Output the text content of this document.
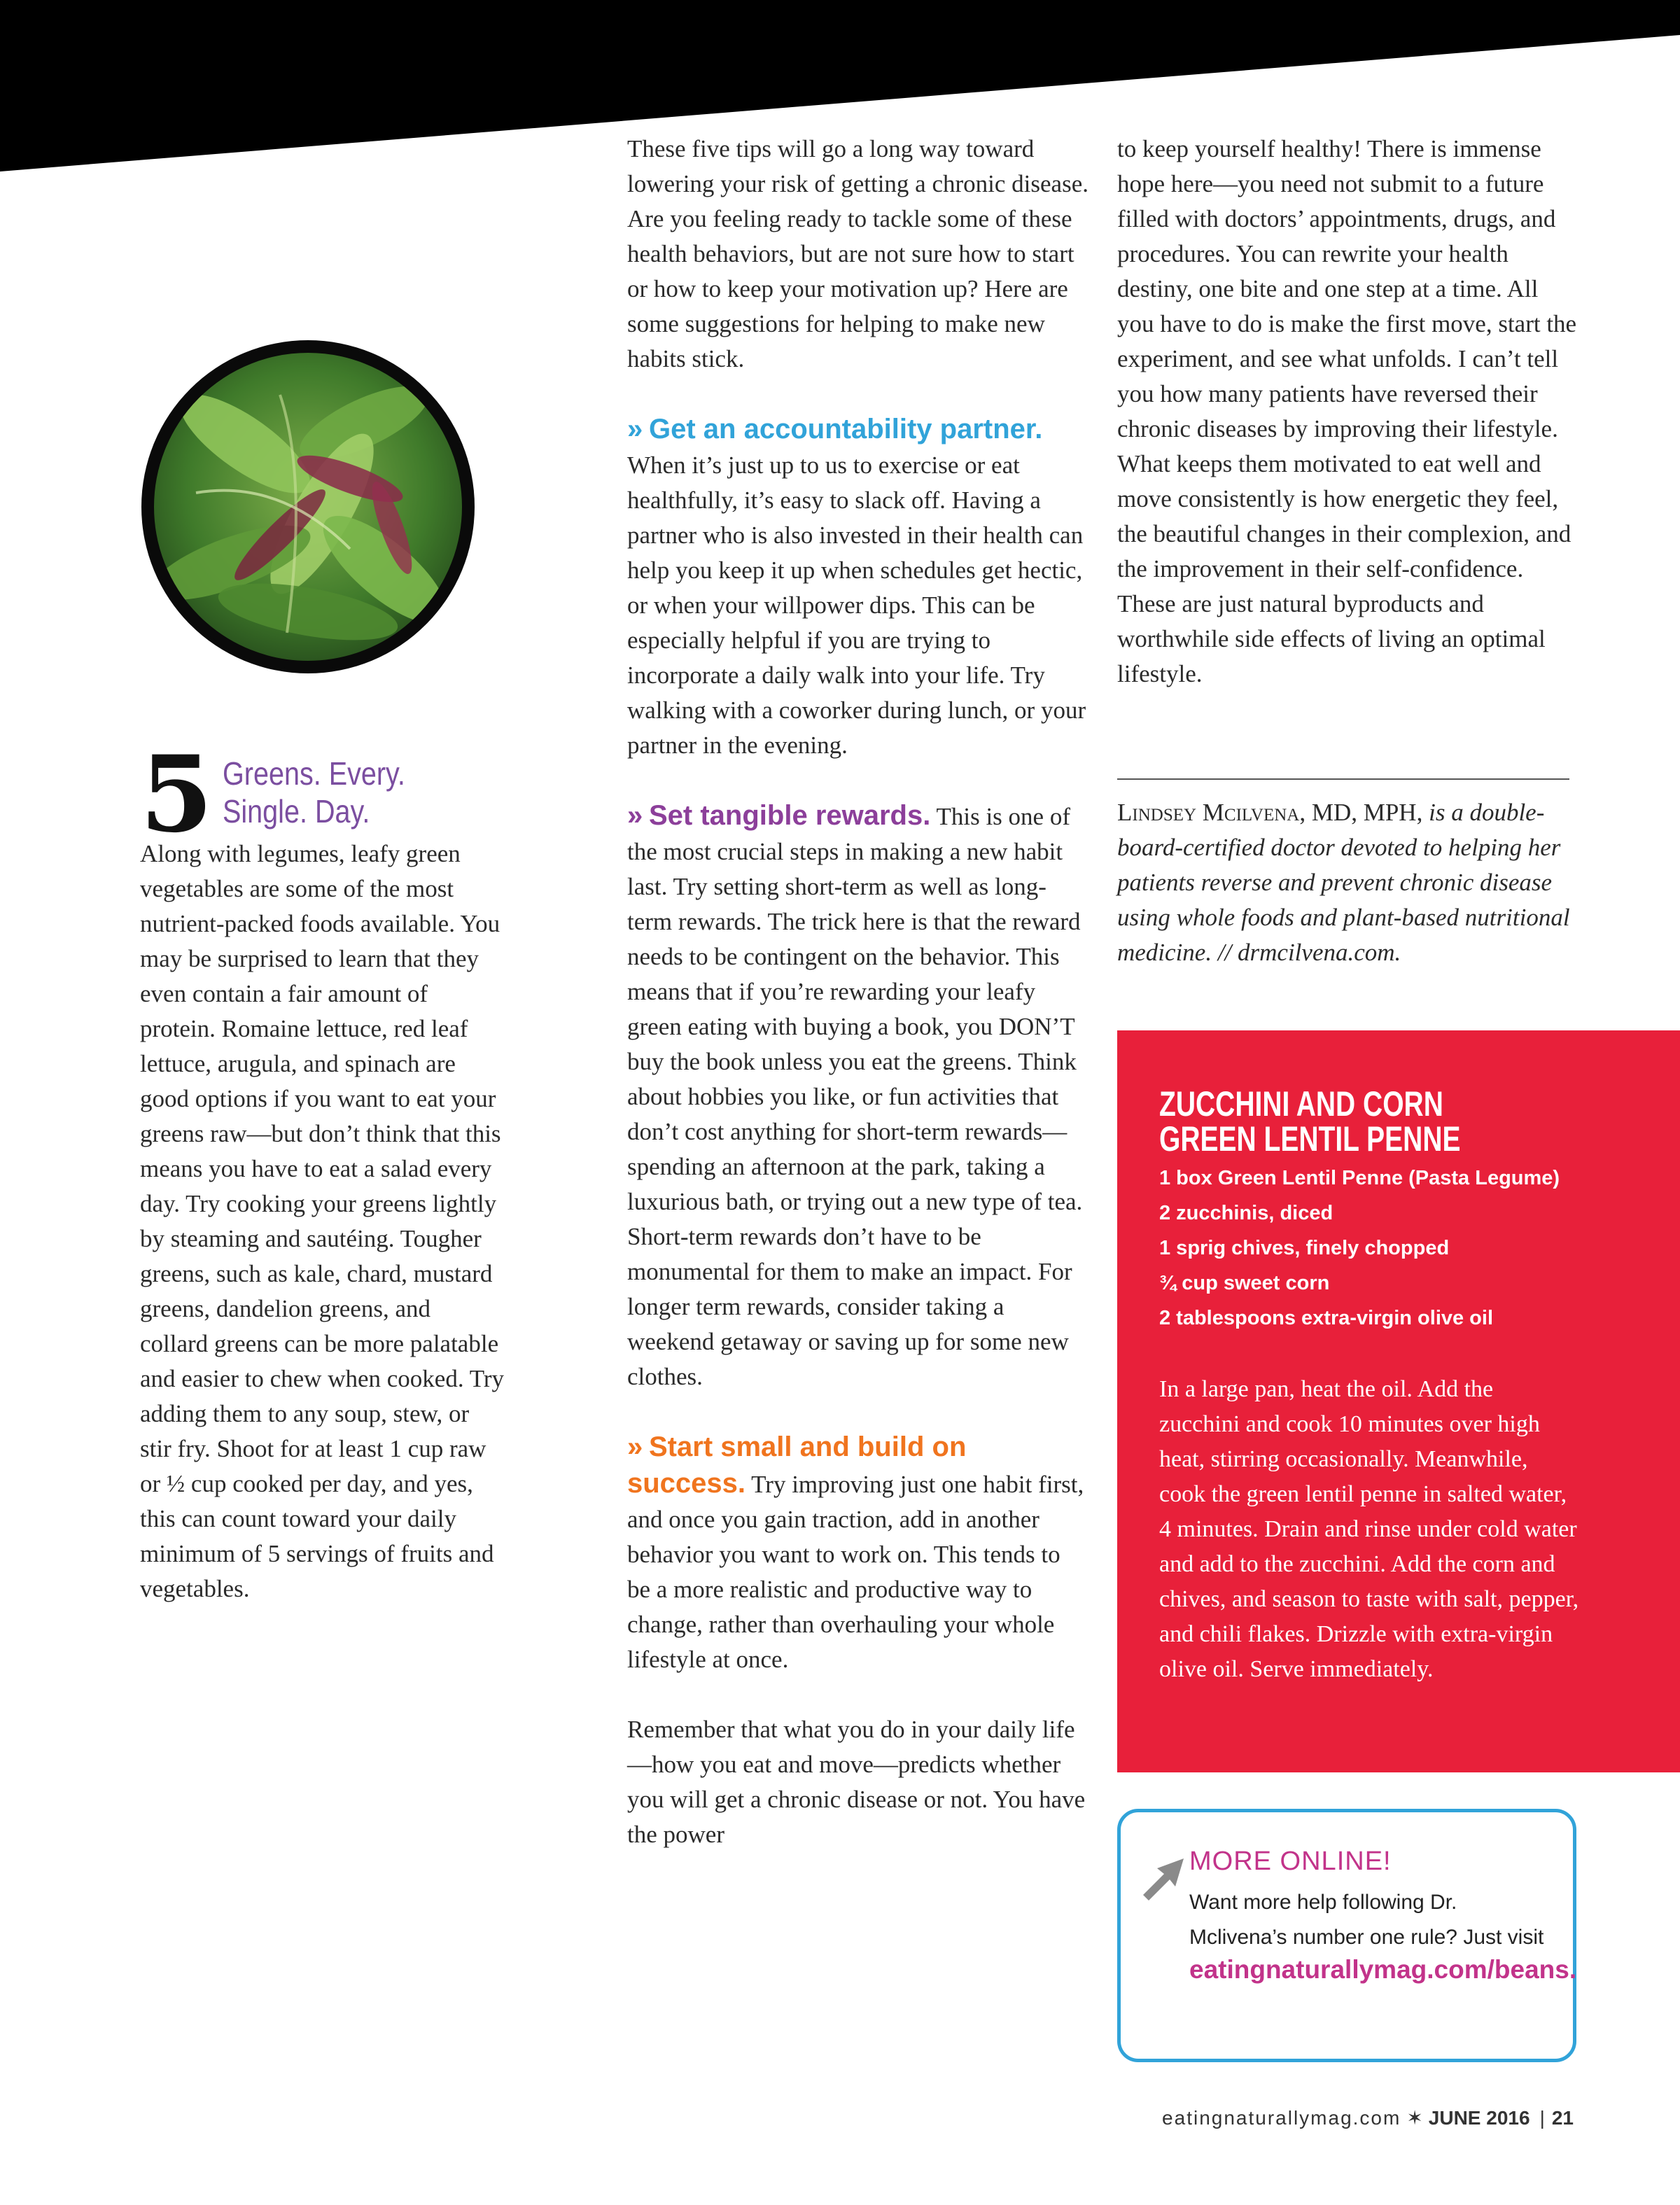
5 Greens. Every. Single. Day.

Along with legumes, leafy green vegetables are some of the most nutrient-packed foods available. You may be surprised to learn that they even contain a fair amount of protein. Romaine lettuce, red leaf lettuce, arugula, and spinach are good options if you want to eat your greens raw—but don’t think that this means you have to eat a salad every day. Try cooking your greens lightly by steaming and sautéing. Tougher greens, such as kale, chard, mustard greens, dandelion greens, and collard greens can be more palatable and easier to chew when cooked. Try adding them to any soup, stew, or stir fry. Shoot for at least 1 cup raw or ½ cup cooked per day, and yes, this can count toward your daily minimum of 5 servings of fruits and vegetables.

These five tips will go a long way toward lowering your risk of getting a chronic disease. Are you feeling ready to tackle some of these health behaviors, but are not sure how to start or how to keep your motivation up? Here are some suggestions for helping to make new habits stick.

» Get an accountability partner.
When it’s just up to us to exercise or eat healthfully, it’s easy to slack off. Having a partner who is also invested in their health can help you keep it up when schedules get hectic, or when your willpower dips. This can be especially helpful if you are trying to incorporate a daily walk into your life. Try walking with a coworker during lunch, or your partner in the evening.

» Set tangible rewards. This is one of the most crucial steps in making a new habit last. Try setting short-term as well as long-term rewards. The trick here is that the reward needs to be contingent on the behavior. This means that if you’re rewarding your leafy green eating with buying a book, you DON’T buy the book unless you eat the greens. Think about hobbies you like, or fun activities that don’t cost anything for short-term rewards—spending an afternoon at the park, taking a luxurious bath, or trying out a new type of tea. Short-term rewards don’t have to be monumental for them to make an impact. For longer term rewards, consider taking a weekend getaway or saving up for some new clothes.

» Start small and build on success. Try improving just one habit first, and once you gain traction, add in another behavior you want to work on. This tends to be a more realistic and productive way to change, rather than overhauling your whole lifestyle at once.

Remember that what you do in your daily life—how you eat and move—predicts whether you will get a chronic disease or not. You have the power

to keep yourself healthy! There is immense hope here—you need not submit to a future filled with doctors’ appointments, drugs, and procedures. You can rewrite your health destiny, one bite and one step at a time. All you have to do is make the first move, start the experiment, and see what unfolds. I can’t tell you how many patients have reversed their chronic diseases by improving their lifestyle. What keeps them motivated to eat well and move consistently is how energetic they feel, the beautiful changes in their complexion, and the improvement in their self-confidence. These are just natural byproducts and worthwhile side effects of living an optimal lifestyle.

Lindsey Mcilvena, MD, MPH, is a double-board-certified doctor devoted to helping her patients reverse and prevent chronic disease using whole foods and plant-based nutritional medicine. // drmcilvena.com.
ZUCCHINI AND CORN GREEN LENTIL PENNE
1 box Green Lentil Penne (Pasta Legume)
2 zucchinis, diced
1 sprig chives, finely chopped
¾ cup sweet corn
2 tablespoons extra-virgin olive oil
In a large pan, heat the oil. Add the zucchini and cook 10 minutes over high heat, stirring occasionally. Meanwhile, cook the green lentil penne in salted water, 4 minutes. Drain and rinse under cold water and add to the zucchini. Add the corn and chives, and season to taste with salt, pepper, and chili flakes. Drizzle with extra-virgin olive oil. Serve immediately.
MORE ONLINE!
Want more help following Dr. Mclivena’s number one rule? Just visit
eatingnaturallymag.com/beans.
eatingnaturallymag.com ✶ JUNE 2016 | 21
